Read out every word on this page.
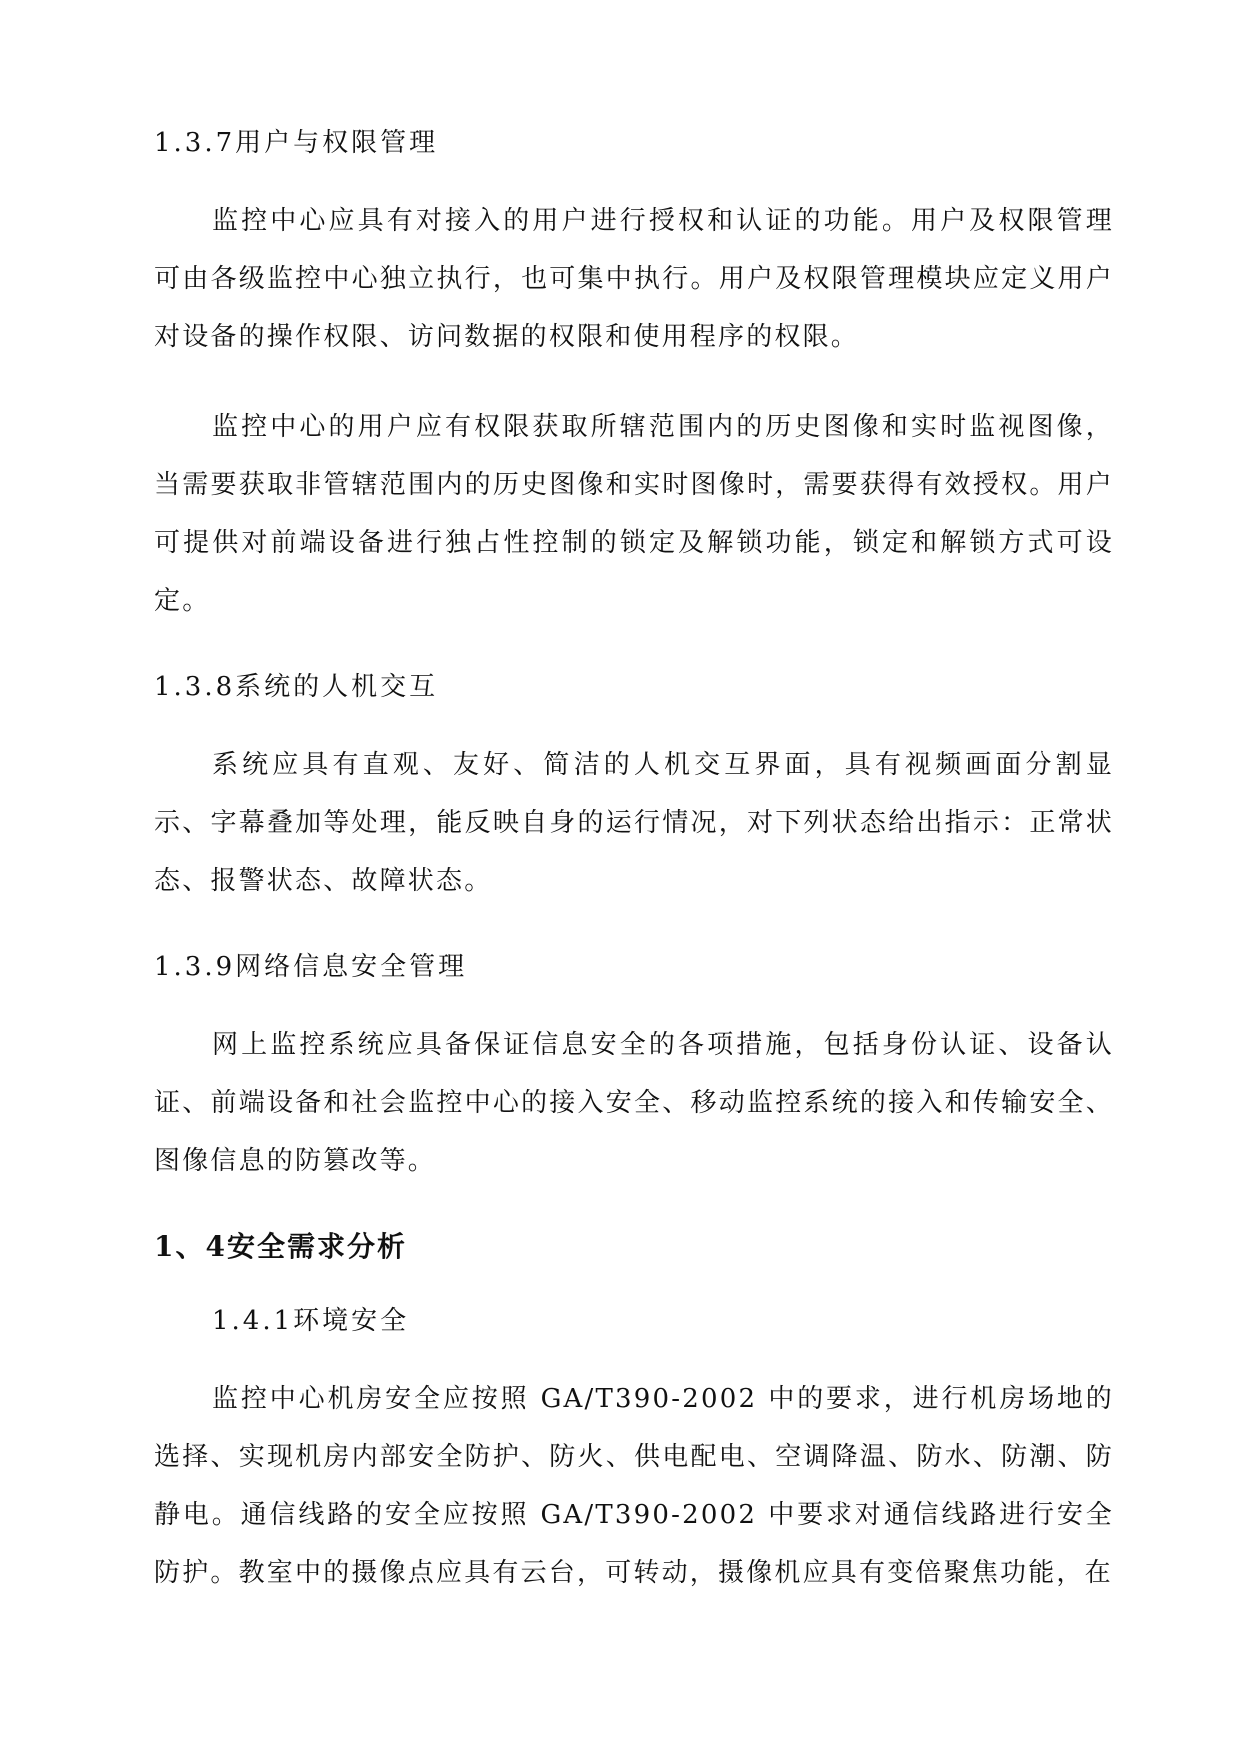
1.3.7用户与权限管理

监控中心应具有对接入的用户进行授权和认证的功能。用户及权限管理可由各级监控中心独立执行，也可集中执行。用户及权限管理模块应定义用户对设备的操作权限、访问数据的权限和使用程序的权限。

监控中心的用户应有权限获取所辖范围内的历史图像和实时监视图像，当需要获取非管辖范围内的历史图像和实时图像时，需要获得有效授权。用户可提供对前端设备进行独占性控制的锁定及解锁功能，锁定和解锁方式可设定。

1.3.8系统的人机交互

系统应具有直观、友好、简洁的人机交互界面，具有视频画面分割显示、字幕叠加等处理，能反映自身的运行情况，对下列状态给出指示：正常状态、报警状态、故障状态。

1.3.9网络信息安全管理

网上监控系统应具备保证信息安全的各项措施，包括身份认证、设备认证、前端设备和社会监控中心的接入安全、移动监控系统的接入和传输安全、图像信息的防篡改等。

1、4安全需求分析
1.4.1环境安全

监控中心机房安全应按照 GA/T390-2002 中的要求，进行机房场地的选择、实现机房内部安全防护、防火、供电配电、空调降温、防水、防潮、防静电。通信线路的安全应按照 GA/T390-2002 中要求对通信线路进行安全防护。教室中的摄像点应具有云台，可转动，摄像机应具有变倍聚焦功能，在
